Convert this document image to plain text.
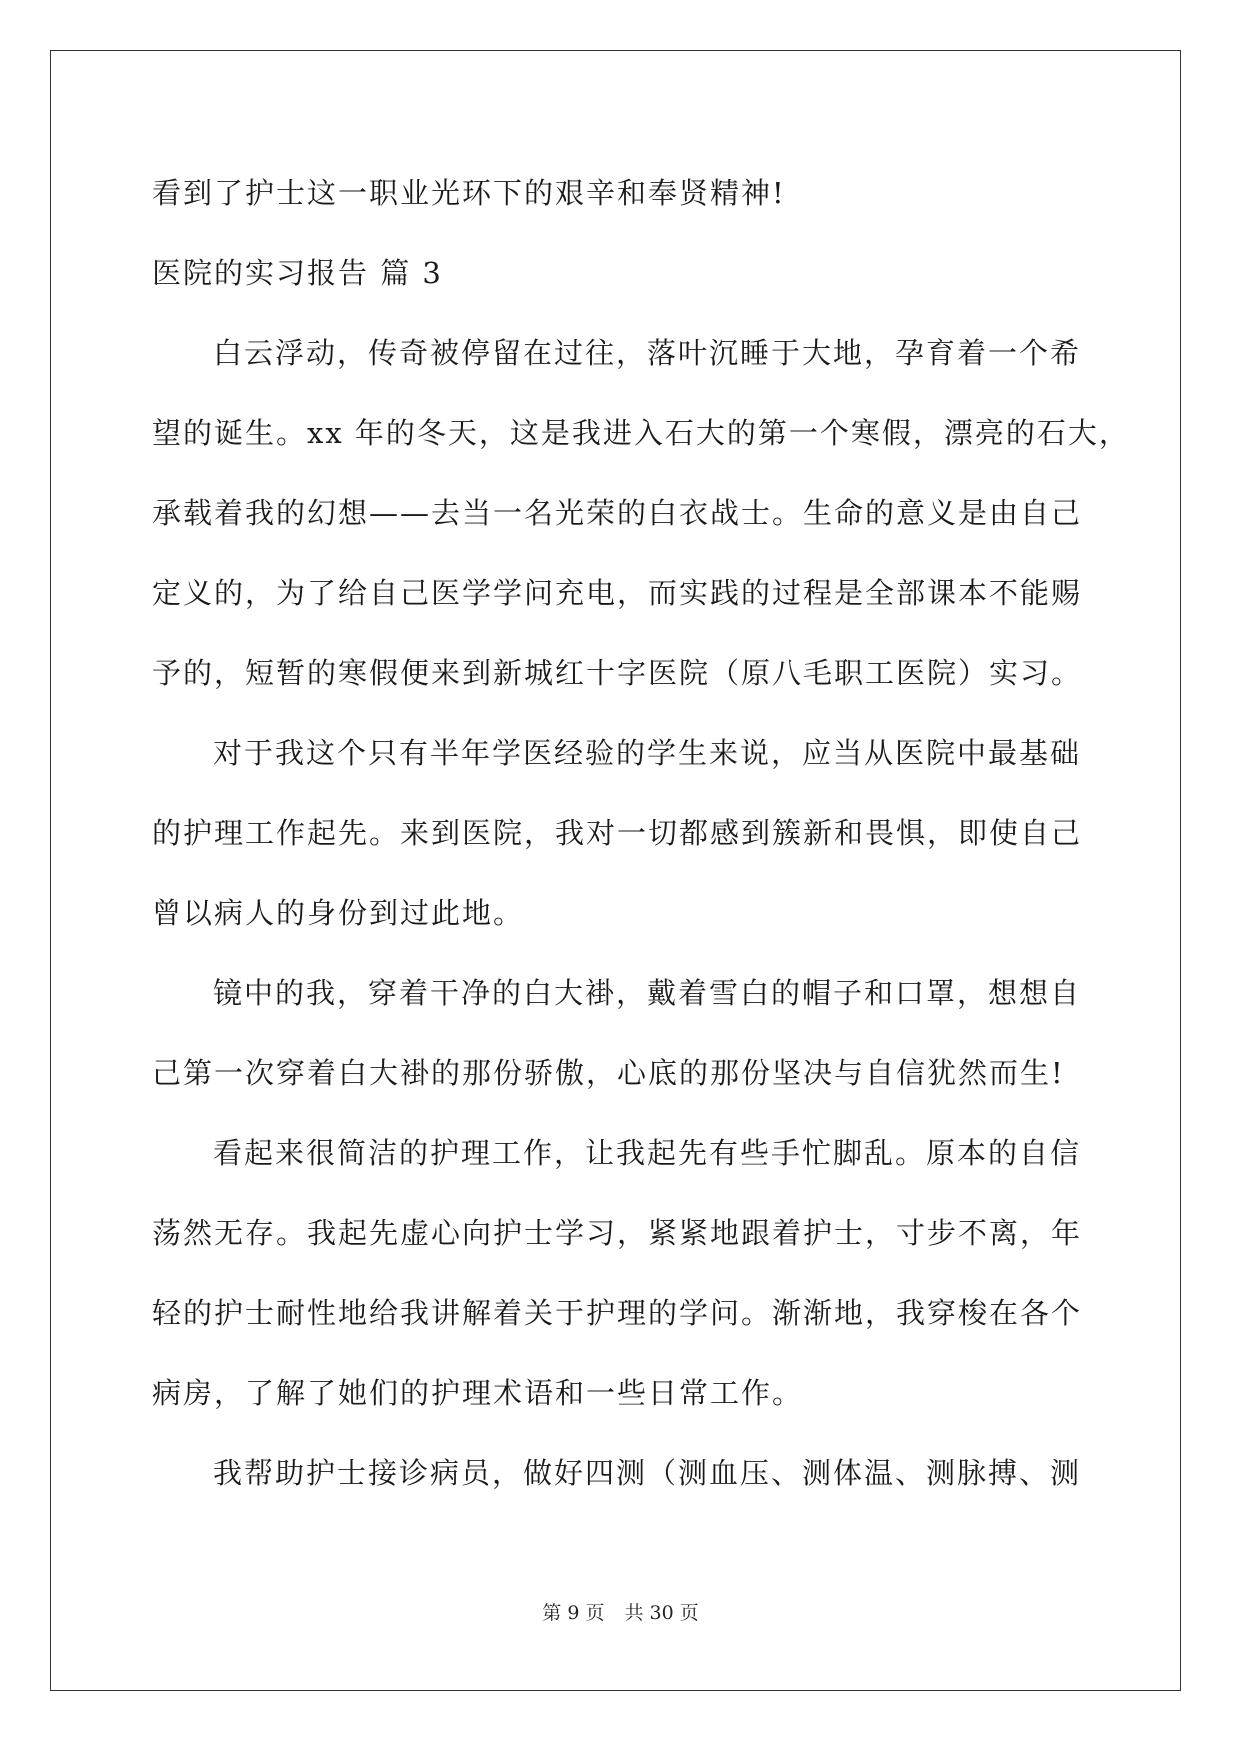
看到了护士这一职业光环下的艰辛和奉贤精神!
医院的实习报告 篇 3
白云浮动，传奇被停留在过往，落叶沉睡于大地，孕育着一个希
望的诞生。xx 年的冬天，这是我进入石大的第一个寒假，漂亮的石大，
承载着我的幻想——去当一名光荣的白衣战士。生命的意义是由自己
定义的，为了给自己医学学问充电，而实践的过程是全部课本不能赐
予的，短暂的寒假便来到新城红十字医院（原八毛职工医院）实习。
对于我这个只有半年学医经验的学生来说，应当从医院中最基础
的护理工作起先。来到医院，我对一切都感到簇新和畏惧，即使自己
曾以病人的身份到过此地。
镜中的我，穿着干净的白大褂，戴着雪白的帽子和口罩，想想自
己第一次穿着白大褂的那份骄傲，心底的那份坚决与自信犹然而生!
看起来很简洁的护理工作，让我起先有些手忙脚乱。原本的自信
荡然无存。我起先虚心向护士学习，紧紧地跟着护士，寸步不离，年
轻的护士耐性地给我讲解着关于护理的学问。渐渐地，我穿梭在各个
病房，了解了她们的护理术语和一些日常工作。
我帮助护士接诊病员，做好四测（测血压、测体温、测脉搏、测
第 9 页 共 30 页
